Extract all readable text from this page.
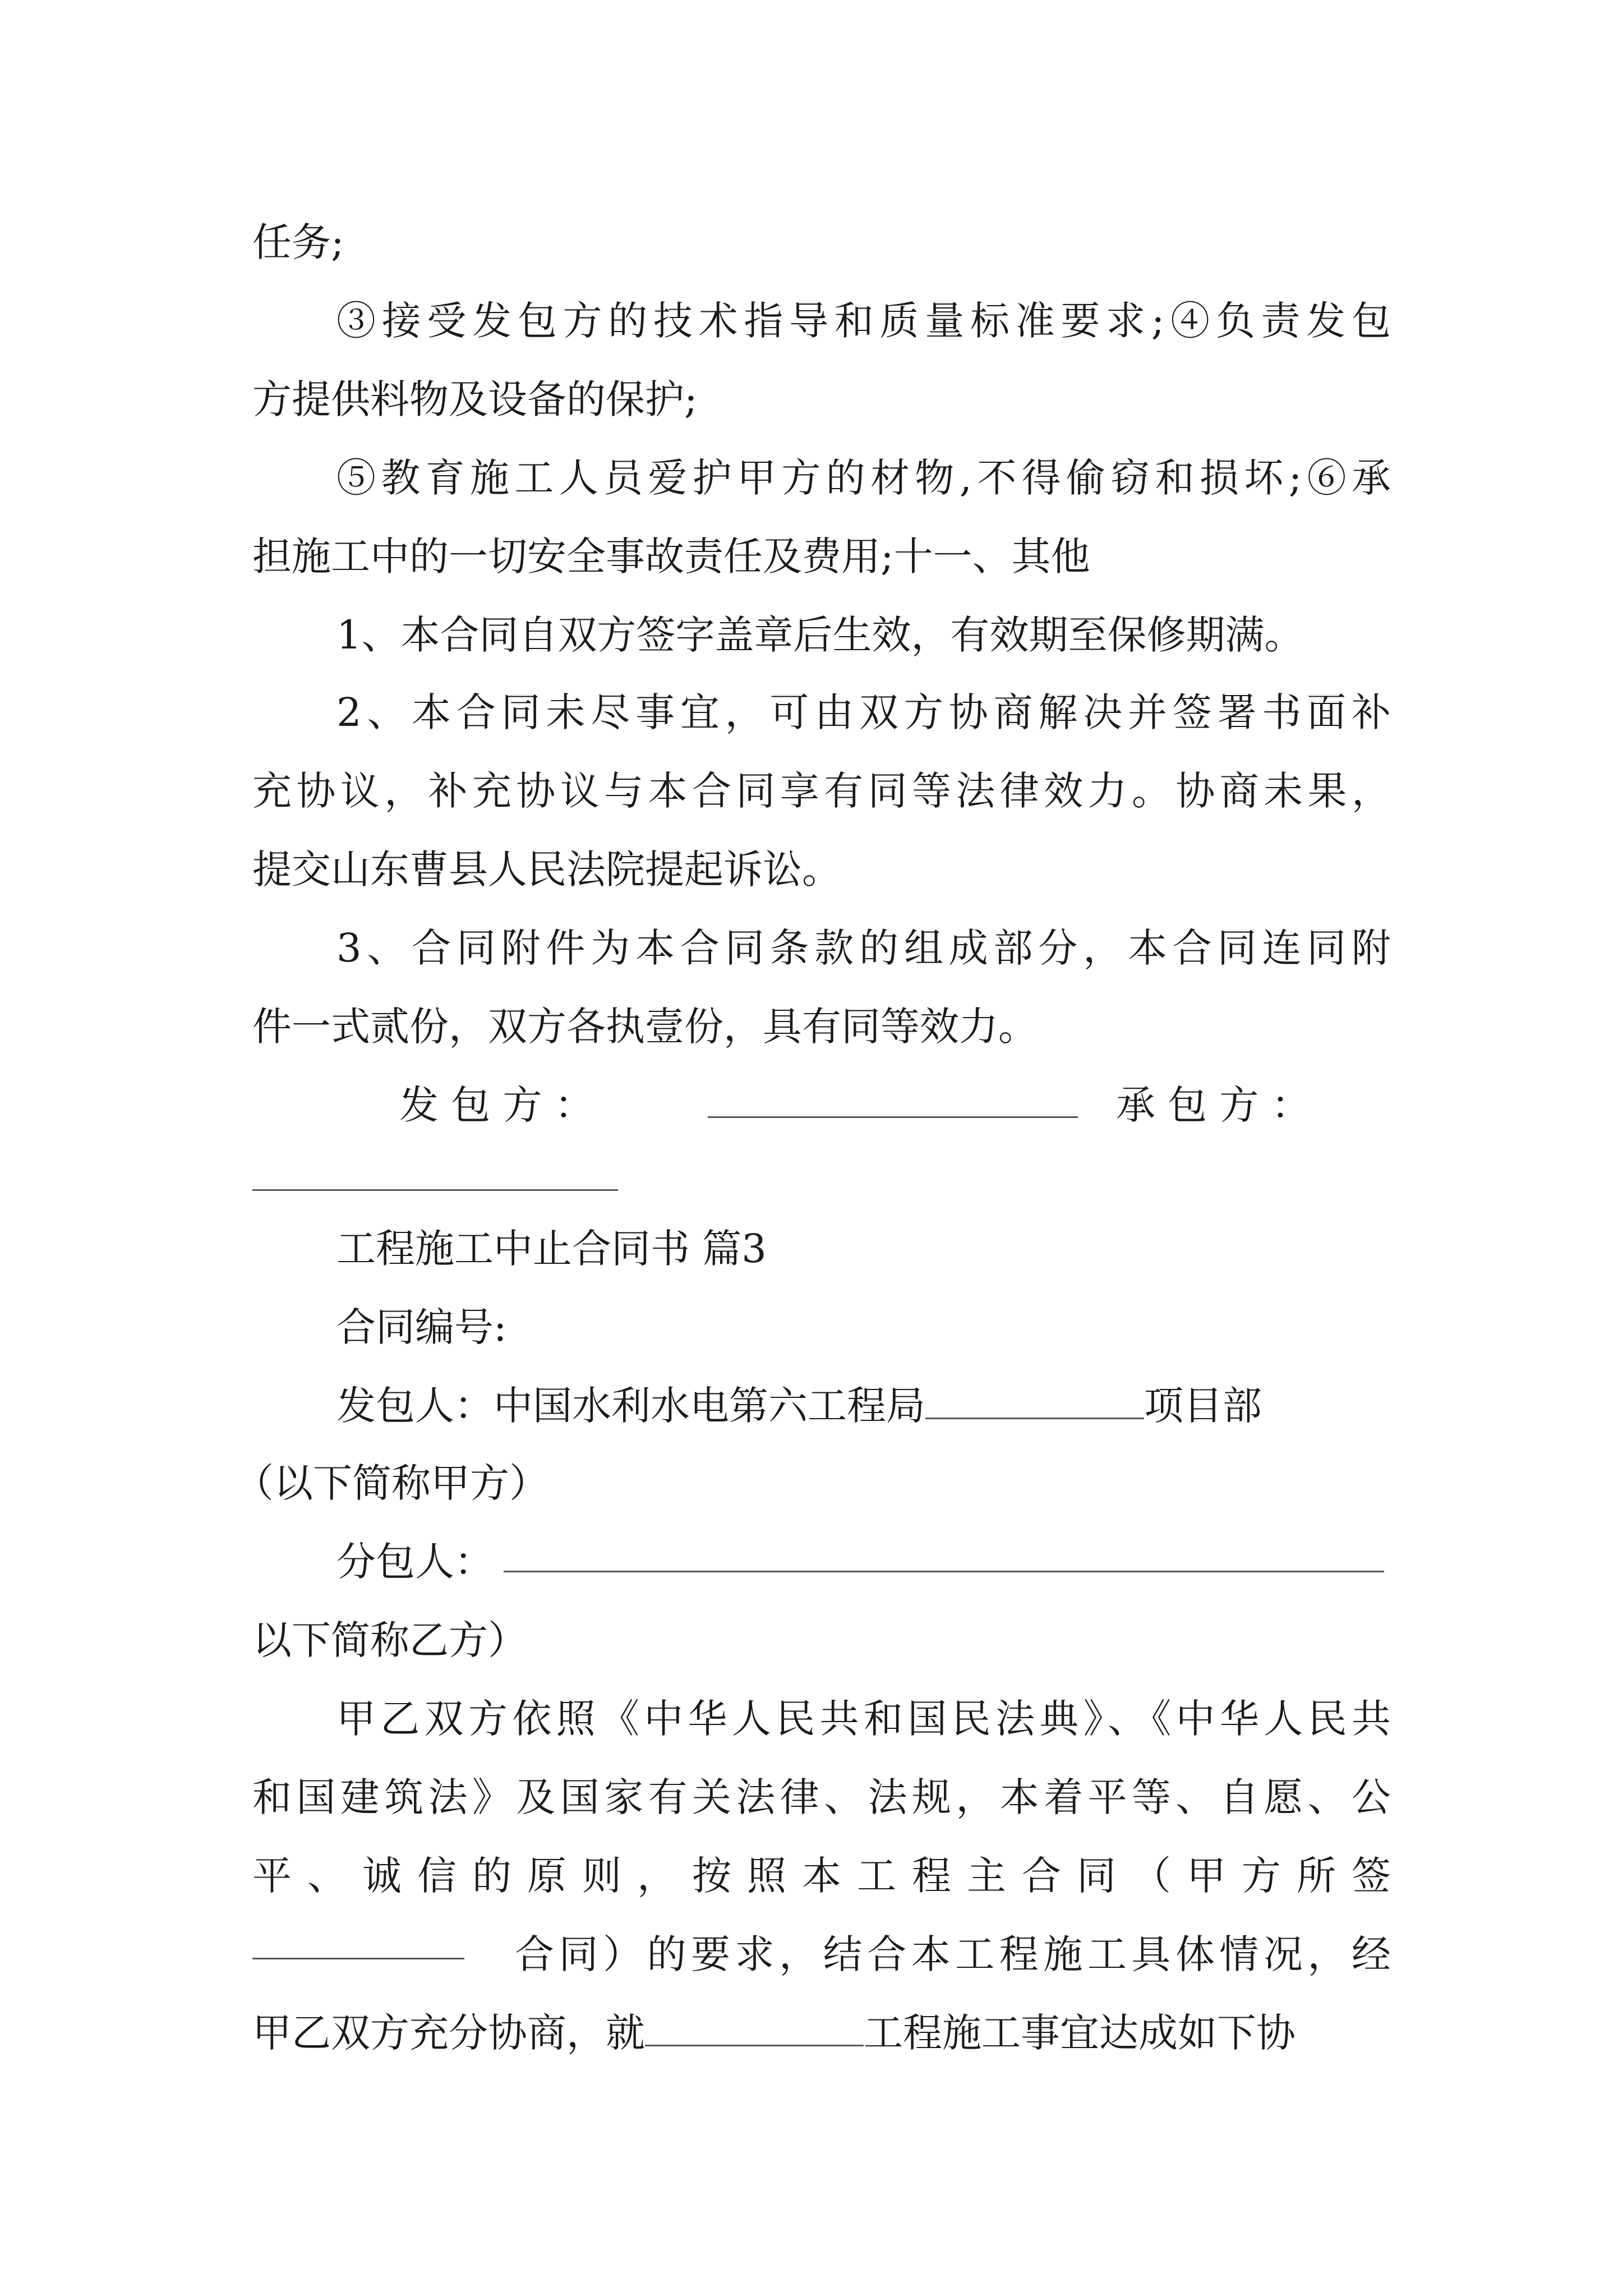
任务;
③接受发包方的技术指导和质量标准要求;④负责发包
方提供料物及设备的保护;
⑤教育施工人员爱护甲方的材物,不得偷窃和损坏;⑥承
担施工中的一切安全事故责任及费用;十一、其他
1、本合同自双方签字盖章后生效，有效期至保修期满。
2、本合同未尽事宜，可由双方协商解决并签署书面补
充协议，补充协议与本合同享有同等法律效力。协商未果，
提交山东曹县人民法院提起诉讼。
3、合同附件为本合同条款的组成部分，本合同连同附
件一式贰份，双方各执壹份，具有同等效力。
发 包 方 ：	承 包 方 ：
工程施工中止合同书 篇3
合同编号:
发包人：中国水利水电第六工程局	项目部
（以下简称甲方）
分包人：
以下简称乙方）
甲乙双方依照《中华人民共和国民法典》、《中华人民共
和国建筑法》及国家有关法律、法规，本着平等、自愿、公
平、诚信的原则，按照本工程主合同（甲方所签
合同）的要求，结合本工程施工具体情况，经
甲乙双方充分协商，就	工程施工事宜达成如下协
